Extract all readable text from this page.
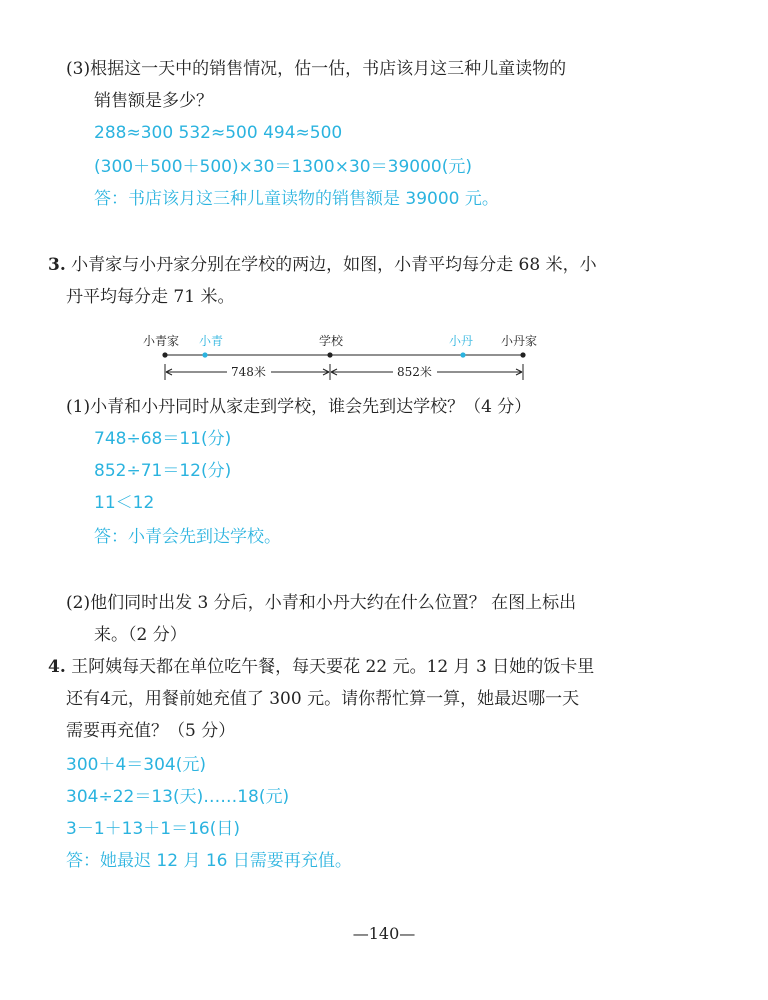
(3)根据这一天中的销售情况，估一估，书店该月这三种儿童读物的
销售额是多少？
288≈300 532≈500 494≈500
(300＋500＋500)×30＝1300×30＝39000(元)
答：书店该月这三种儿童读物的销售额是 39000 元。
3. 小青家与小丹家分别在学校的两边，如图，小青平均每分走 68 米，小
丹平均每分走 71 米。
小青家 小青	学校	小丹 小丹家
748米	852米
(1)小青和小丹同时从家走到学校，谁会先到达学校？（4 分）
748÷68＝11(分)
852÷71＝12(分)
11＜12
答：小青会先到达学校。
(2)他们同时出发 3 分后，小青和小丹大约在什么位置？ 在图上标出
来。（2 分）
4. 王阿姨每天都在单位吃午餐，每天要花 22 元。12 月 3 日她的饭卡里
还有4元，用餐前她充值了 300 元。请你帮忙算一算，她最迟哪一天
需要再充值？（5 分）
300＋4＝304(元)
304÷22＝13(天)……18(元)
3－1＋13＋1＝16(日)
答：她最迟 12 月 16 日需要再充值。
—140—
